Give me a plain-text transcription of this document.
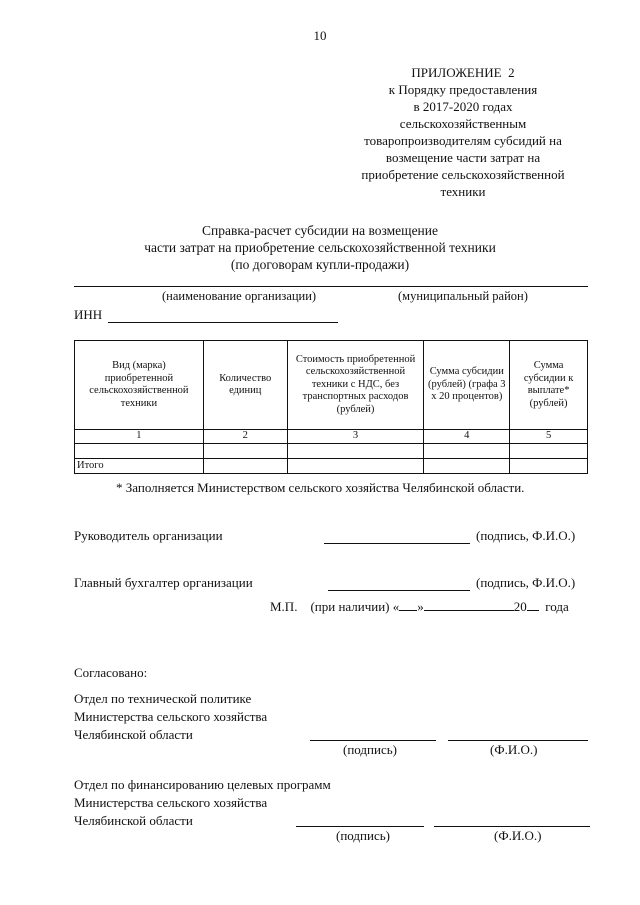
10
ПРИЛОЖЕНИЕ  2
к Порядку предоставления
в 2017-2020 годах
сельскохозяйственным
товаропроизводителям субсидий на
возмещение части затрат на
приобретение сельскохозяйственной
техники
Справка-расчет субсидии на возмещение
части затрат на приобретение сельскохозяйственной техники
(по договорам купли-продажи)
(наименование организации)	(муниципальный район)
ИНН
Вид (марка) приобретенной сельскохозяйственной техники	Количество единиц	Стоимость приобретенной сельскохозяйственной техники с НДС, без транспортных расходов (рублей)	Сумма субсидии (рублей) (графа 3 х 20 процентов)	Сумма субсидии к выплате* (рублей)
1	2	3	4	5

Итого				
* Заполняется Министерством сельского хозяйства Челябинской области.
Руководитель организации	(подпись, Ф.И.О.)
Главный бухгалтер организации	(подпись, Ф.И.О.)
М.П. (при наличии) « »	20 года
Согласовано:
Отдел по технической политике
Министерства сельского хозяйства
Челябинской области
(подпись)	(Ф.И.О.)
Отдел по финансированию целевых программ
Министерства сельского хозяйства
Челябинской области
(подпись)	(Ф.И.О.)
